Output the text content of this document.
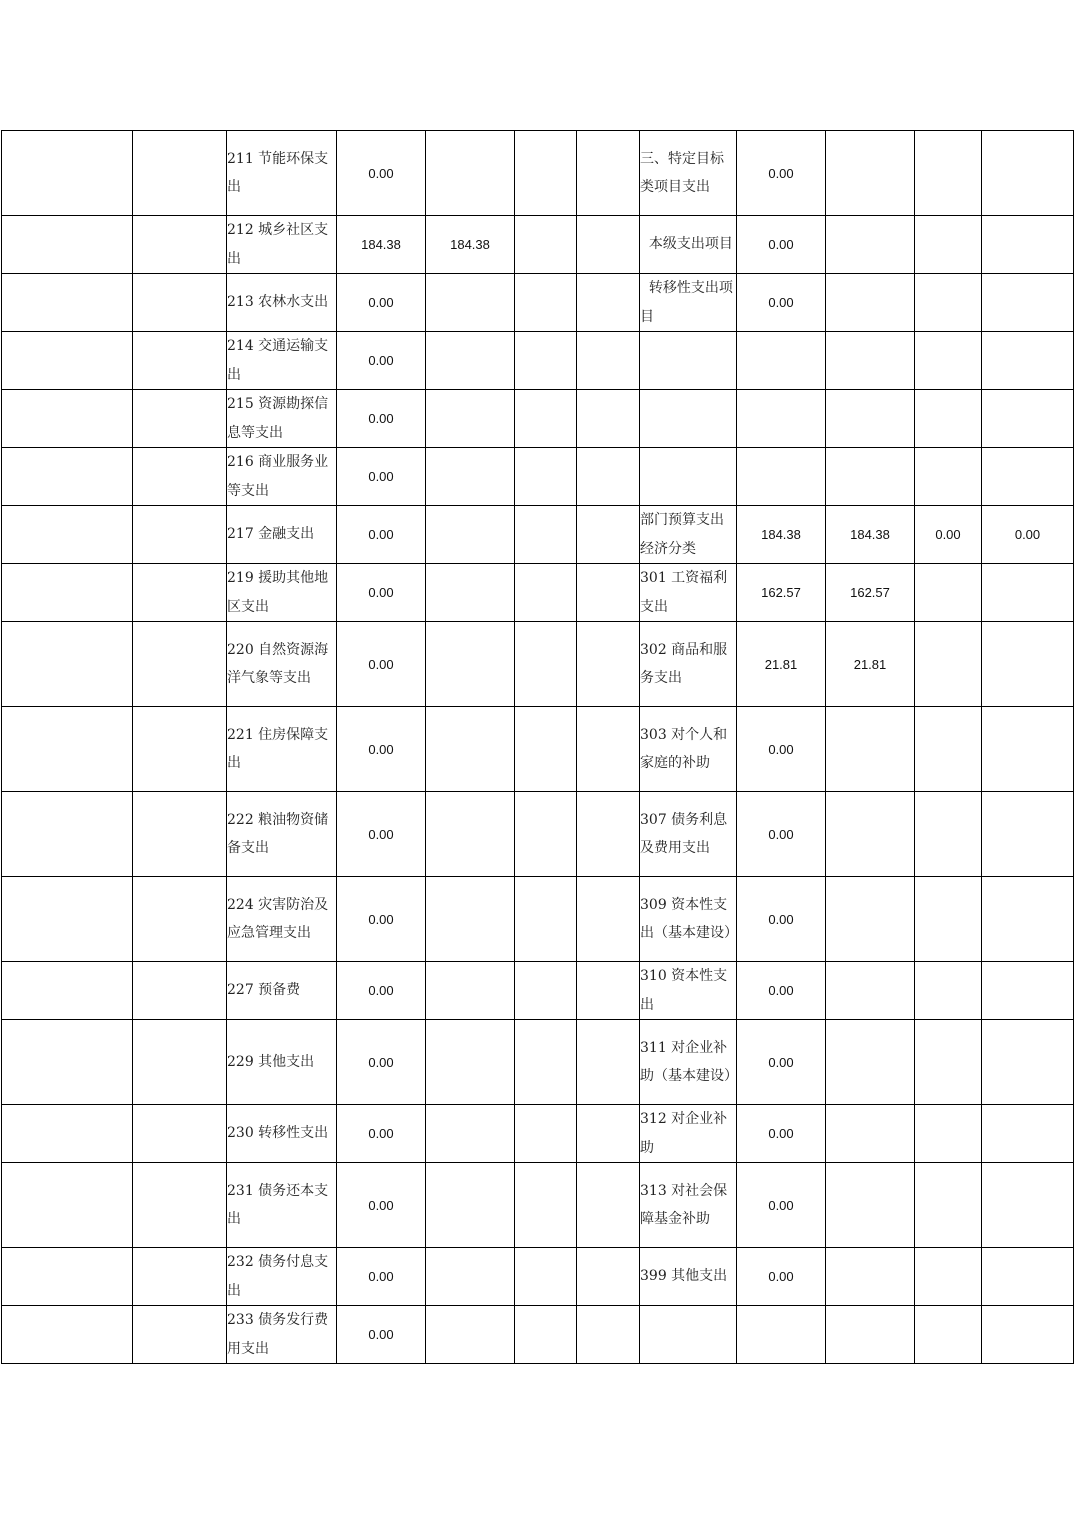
		211 节能环保支出	0.00				三、特定目标类项目支出	0.00			
		212 城乡社区支出	184.38	184.38			本级支出项目	0.00			
		213 农林水支出	0.00				转移性支出项目	0.00			
		214 交通运输支出	0.00								
		215 资源勘探信息等支出	0.00								
		216 商业服务业等支出	0.00								
		217 金融支出	0.00				部门预算支出经济分类	184.38	184.38	0.00	0.00
		219 援助其他地区支出	0.00				301 工资福利支出	162.57	162.57		
		220 自然资源海洋气象等支出	0.00				302 商品和服务支出	21.81	21.81		
		221 住房保障支出	0.00				303 对个人和家庭的补助	0.00			
		222 粮油物资储备支出	0.00				307 债务利息及费用支出	0.00			
		224 灾害防治及应急管理支出	0.00				309 资本性支出（基本建设）	0.00			
		227 预备费	0.00				310 资本性支出	0.00			
		229 其他支出	0.00				311 对企业补助（基本建设）	0.00			
		230 转移性支出	0.00				312 对企业补助	0.00			
		231 债务还本支出	0.00				313 对社会保障基金补助	0.00			
		232 债务付息支出	0.00				399 其他支出	0.00			
		233 债务发行费用支出	0.00								
